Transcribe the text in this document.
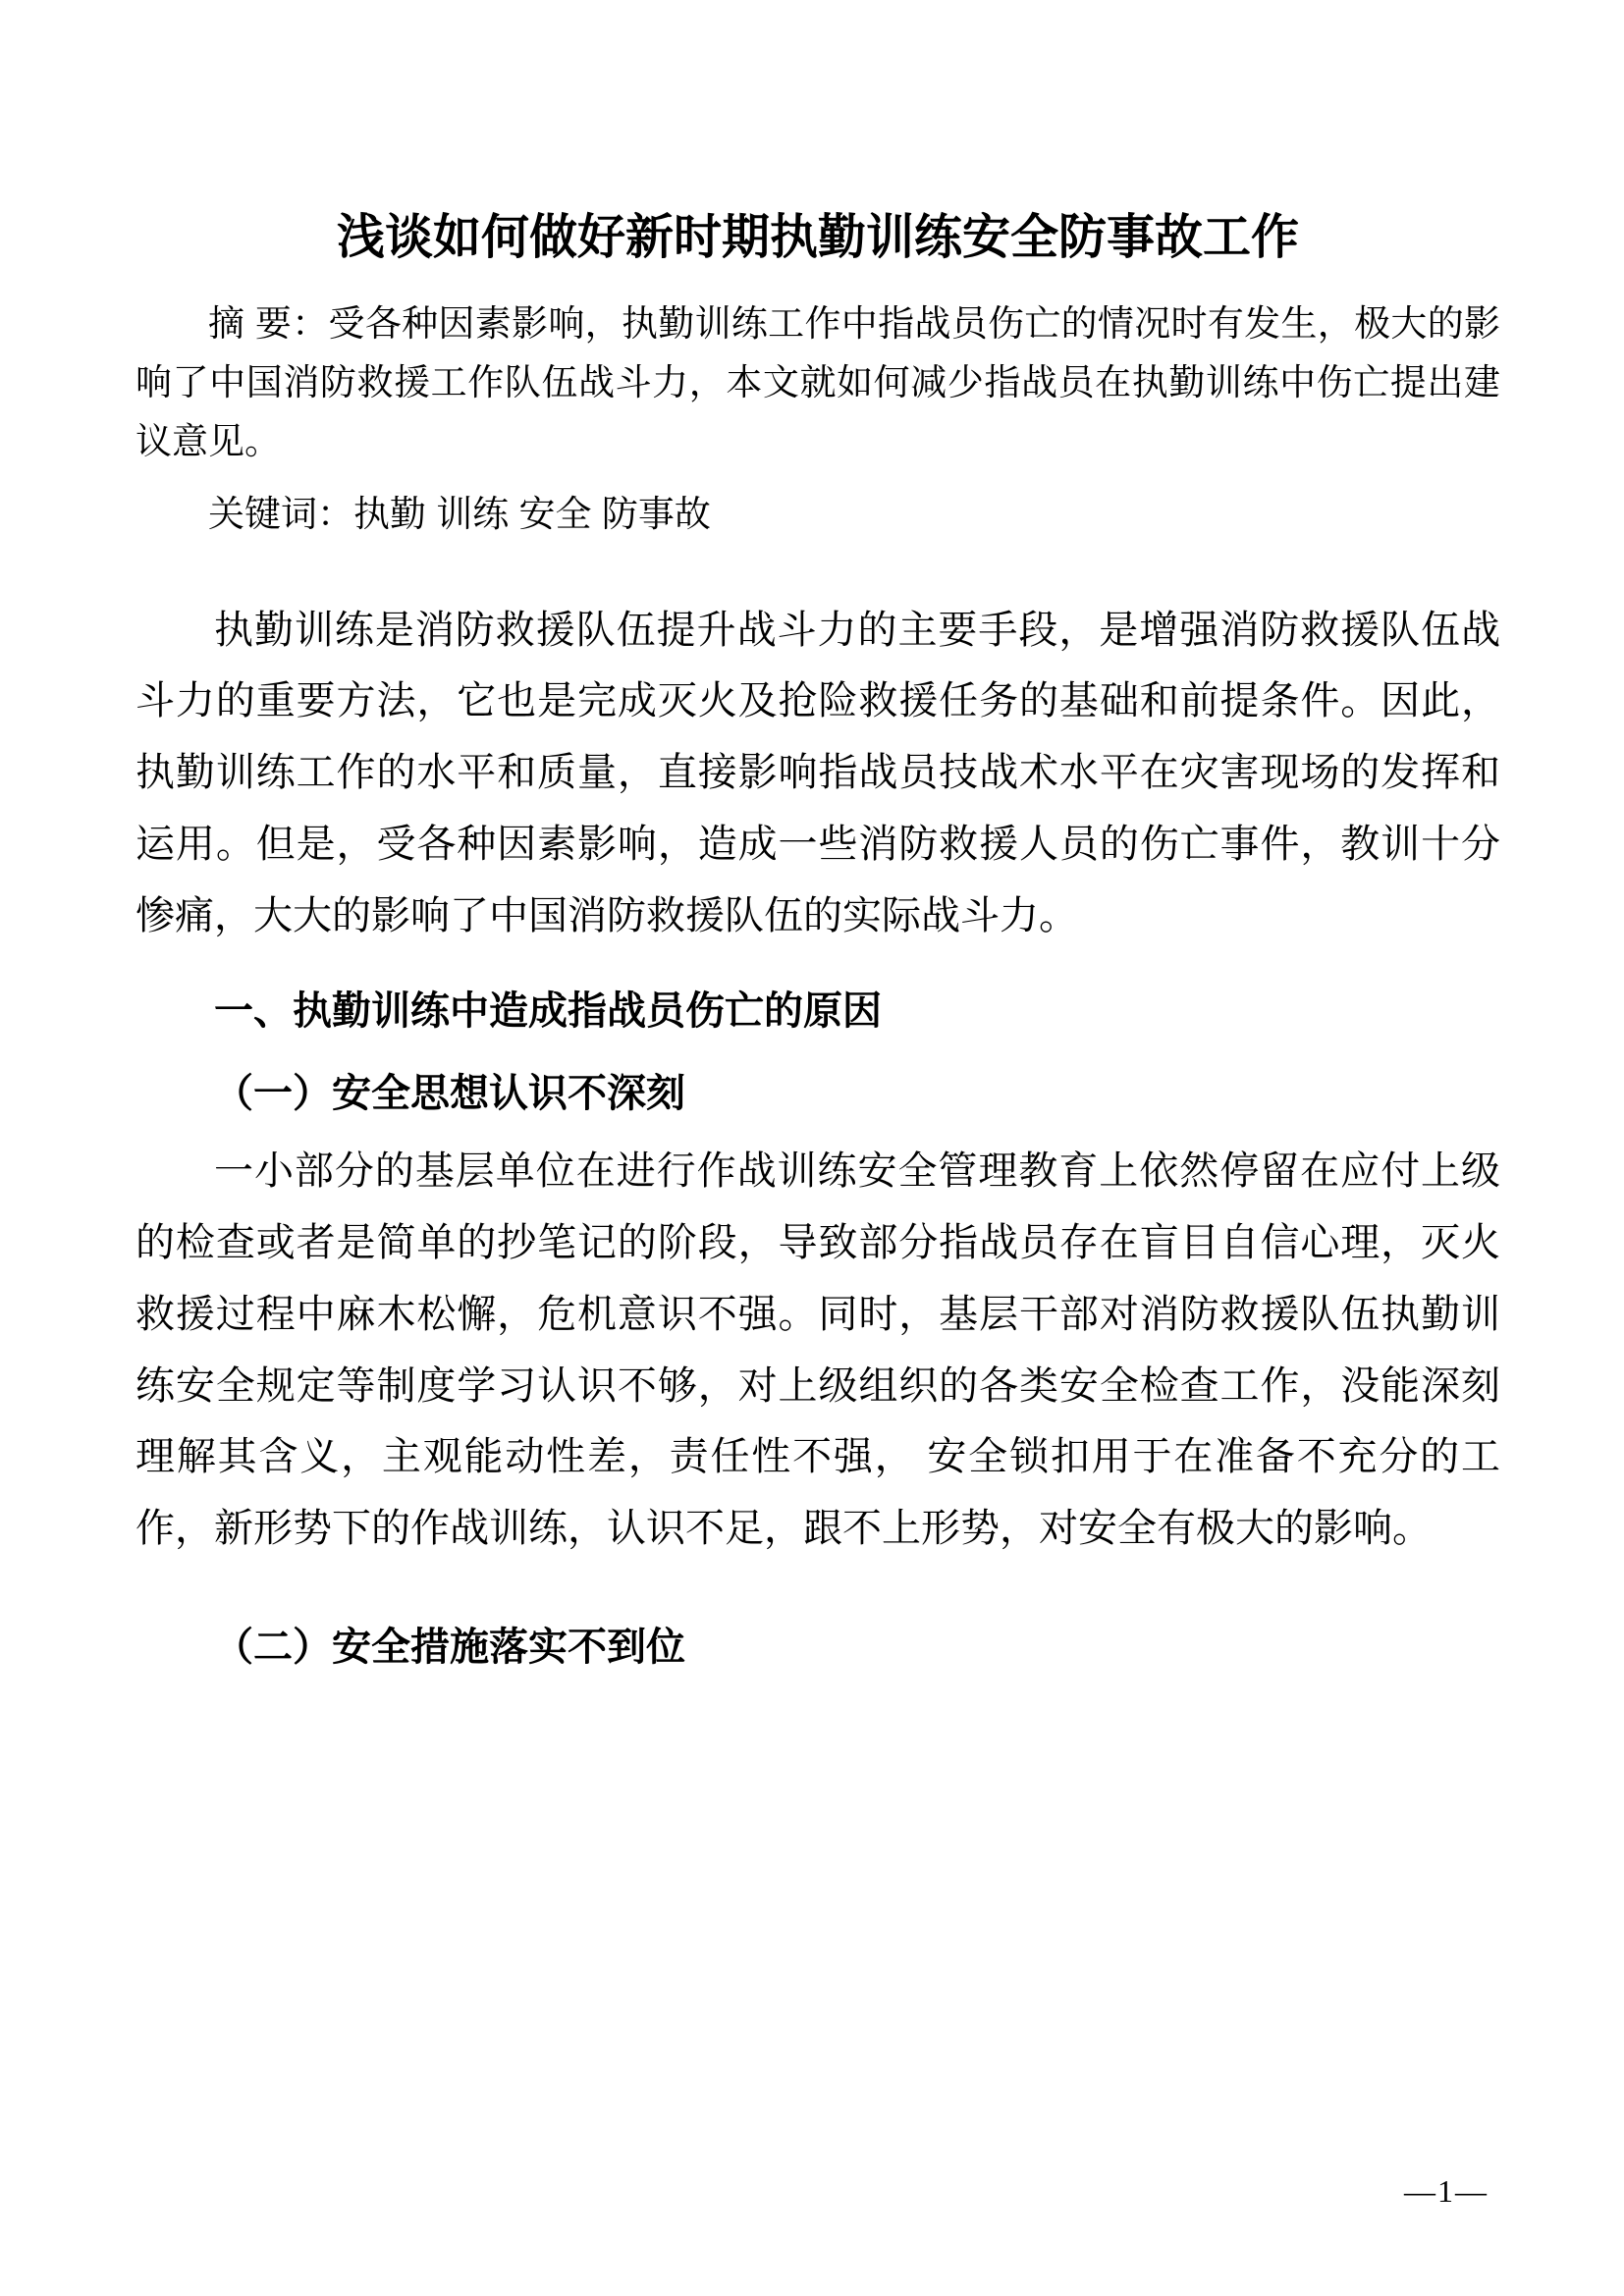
浅谈如何做好新时期执勤训练安全防事故工作

摘 要：受各种因素影响，执勤训练工作中指战员伤亡的情况时有发生，极大的影响了中国消防救援工作队伍战斗力，本文就如何减少指战员在执勤训练中伤亡提出建议意见。

关键词：执勤 训练 安全 防事故

执勤训练是消防救援队伍提升战斗力的主要手段，是增强消防救援队伍战斗力的重要方法，它也是完成灭火及抢险救援任务的基础和前提条件。因此，执勤训练工作的水平和质量，直接影响指战员技战术水平在灾害现场的发挥和运用。但是，受各种因素影响，造成一些消防救援人员的伤亡事件，教训十分惨痛，大大的影响了中国消防救援队伍的实际战斗力。

一、执勤训练中造成指战员伤亡的原因
（一）安全思想认识不深刻

一小部分的基层单位在进行作战训练安全管理教育上依然停留在应付上级的检查或者是简单的抄笔记的阶段，导致部分指战员存在盲目自信心理，灭火救援过程中麻木松懈，危机意识不强。同时，基层干部对消防救援队伍执勤训练安全规定等制度学习认识不够，对上级组织的各类安全检查工作，没能深刻理解其含义，主观能动性差，责任性不强， 安全锁扣用于在准备不充分的工作，新形势下的作战训练，认识不足，跟不上形势，对安全有极大的影响。

（二）安全措施落实不到位
—1—
